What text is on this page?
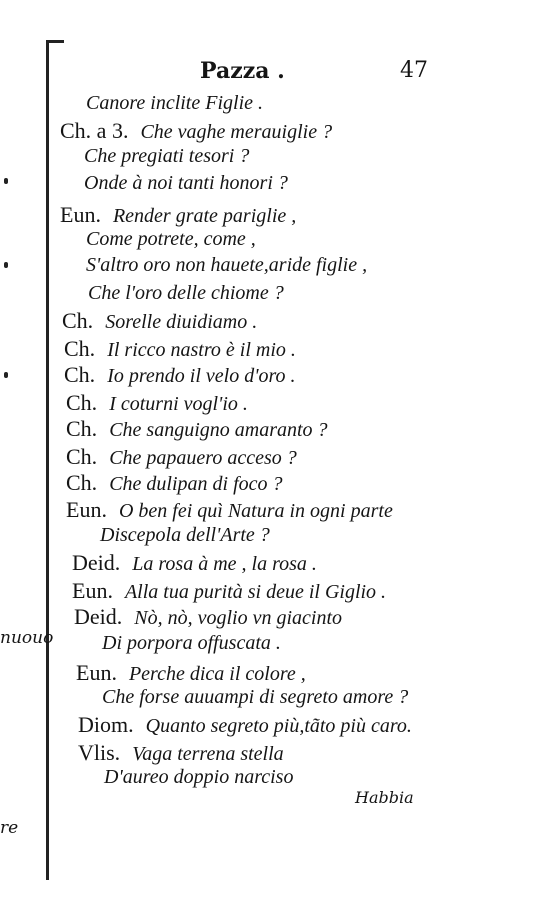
nuouo
re
Pazza .	47
Canore inclite Figlie .
Ch. a 3. Che vaghe merauiglie ?
Che pregiati tesori ?
Onde à noi tanti honori ?
Eun. Render grate pariglie ,
Come potrete, come ,
S'altro oro non hauete,aride figlie ,
Che l'oro delle chiome ?
Ch. Sorelle diuidiamo .
Ch. Il ricco nastro è il mio .
Ch. Io prendo il velo d'oro .
Ch. I coturni vogl'io .
Ch. Che sanguigno amaranto ?
Ch. Che papauero acceso ?
Ch. Che dulipan di foco ?
Eun. O ben fei quì Natura in ogni parte
Discepola dell'Arte ?
Deid. La rosa à me , la rosa .
Eun. Alla tua purità si deue il Giglio .
Deid. Nò, nò, voglio vn giacinto
Di porpora offuscata .
Eun. Perche dica il colore ,
Che forse auuampi di segreto amore ?
Diom. Quanto segreto più,tãto più caro.
Vlis. Vaga terrena stella
D'aureo doppio narciso
Habbia
